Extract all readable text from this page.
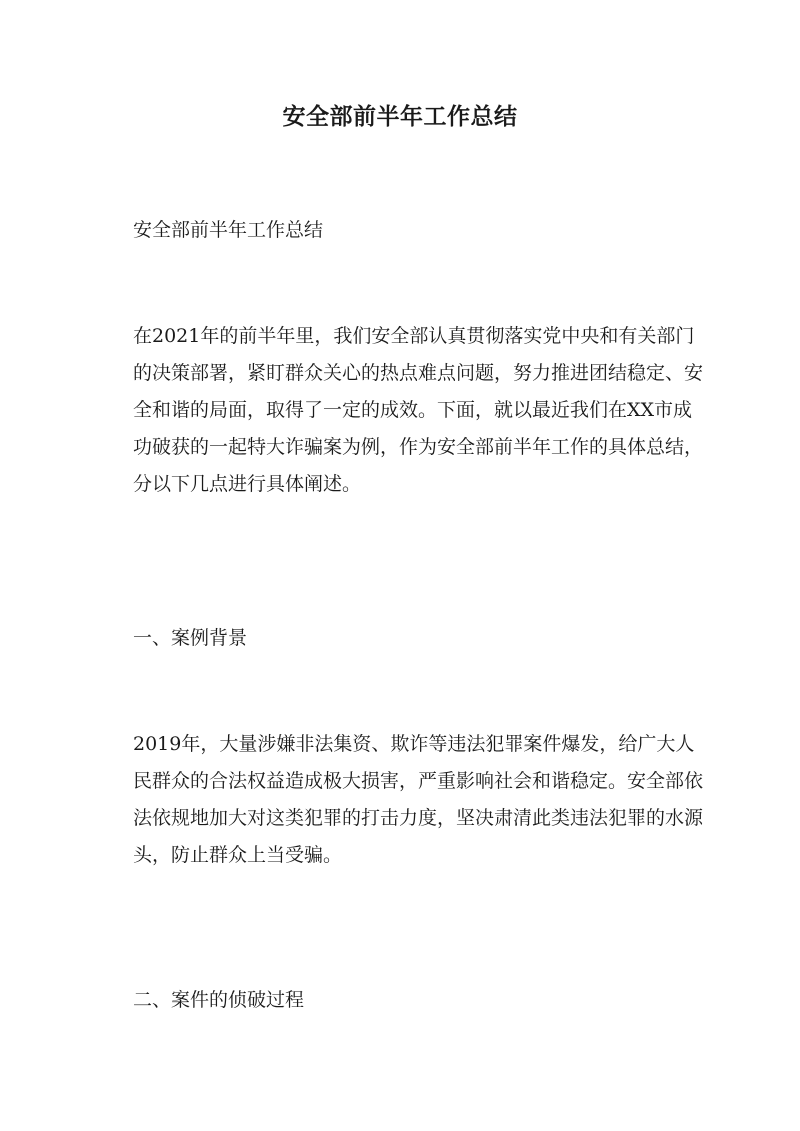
安全部前半年工作总结

安全部前半年工作总结

在2021年的前半年里，我们安全部认真贯彻落实党中央和有关部门的决策部署，紧盯群众关心的热点难点问题，努力推进团结稳定、安全和谐的局面，取得了一定的成效。下面，就以最近我们在XX市成功破获的一起特大诈骗案为例，作为安全部前半年工作的具体总结，分以下几点进行具体阐述。

一、案例背景

2019年，大量涉嫌非法集资、欺诈等违法犯罪案件爆发，给广大人民群众的合法权益造成极大损害，严重影响社会和谐稳定。安全部依法依规地加大对这类犯罪的打击力度，坚决肃清此类违法犯罪的水源头，防止群众上当受骗。

二、案件的侦破过程
